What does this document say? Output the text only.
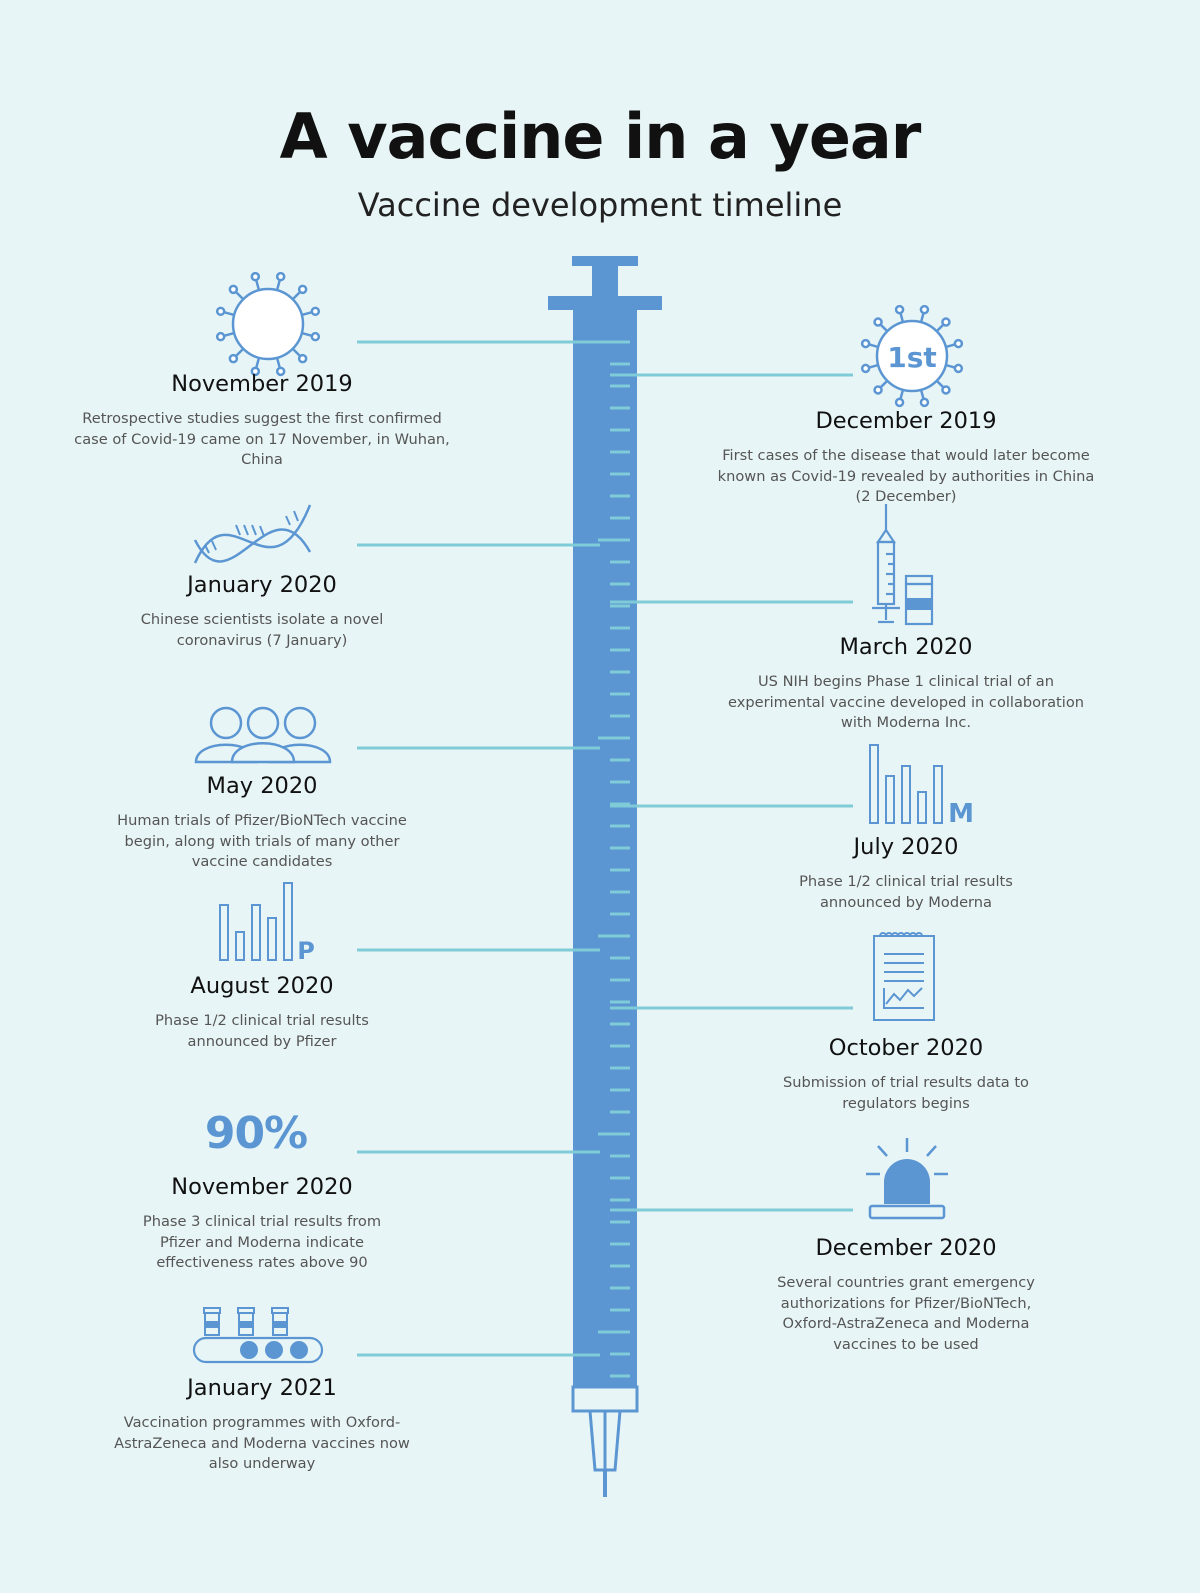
A vaccine in a year
Vaccine development timeline
1st
M
P
90%
November 2019

Retrospective studies suggest the first confirmed case of Covid-19 came on 17 November, in Wuhan, China

December 2019

First cases of the disease that would later become known as Covid-19 revealed by authorities in China (2 December)

January 2020

Chinese scientists isolate a novel coronavirus (7 January)	March 2020

US NIH begins Phase 1 clinical trial of an experimental vaccine developed in collaboration with Moderna Inc.

May 2020

Human trials of Pfizer/BioNTech vaccine begin, along with trials of many other vaccine candidates

July 2020

Phase 1/2 clinical trial results announced by Moderna

August 2020

Phase 1/2 clinical trial results announced by Pfizer	October 2020

Submission of trial results data to regulators begins

November 2020

Phase 3 clinical trial results from Pfizer and Moderna indicate effectiveness rates above 90

December 2020

Several countries grant emergency authorizations for Pfizer/BioNTech, Oxford-AstraZeneca and Moderna vaccines to be used

January 2021

Vaccination programmes with Oxford-AstraZeneca and Moderna vaccines now also underway
